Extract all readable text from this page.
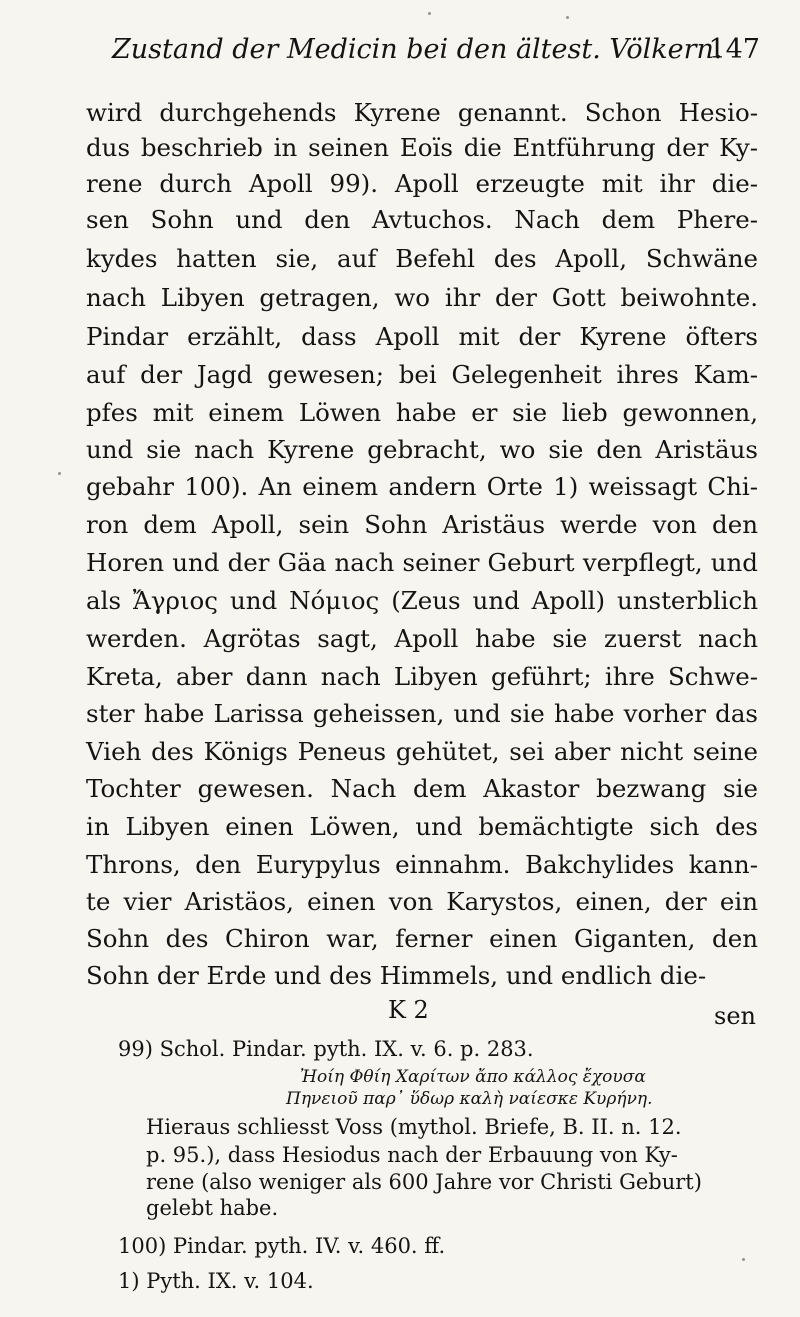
Zustand der Medicin bei den ältest. Völkern.
147
wird durchgehends Kyrene genannt. Schon Hesio-
dus beschrieb in seinen Eoïs die Entführung der Ky-
rene durch Apoll 99). Apoll erzeugte mit ihr die-
sen Sohn und den Avtuchos. Nach dem Phere-
kydes hatten sie, auf Befehl des Apoll, Schwäne
nach Libyen getragen, wo ihr der Gott beiwohnte.
Pindar erzählt, dass Apoll mit der Kyrene öfters
auf der Jagd gewesen; bei Gelegenheit ihres Kam-
pfes mit einem Löwen habe er sie lieb gewonnen,
und sie nach Kyrene gebracht, wo sie den Aristäus
gebahr 100). An einem andern Orte 1) weissagt Chi-
ron dem Apoll, sein Sohn Aristäus werde von den
Horen und der Gäa nach seiner Geburt verpflegt, und
als Ἄγριος und Νόμιος (Zeus und Apoll) unsterblich
werden. Agrötas sagt, Apoll habe sie zuerst nach
Kreta, aber dann nach Libyen geführt; ihre Schwe-
ster habe Larissa geheissen, und sie habe vorher das
Vieh des Königs Peneus gehütet, sei aber nicht seine
Tochter gewesen. Nach dem Akastor bezwang sie
in Libyen einen Löwen, und bemächtigte sich des
Throns, den Eurypylus einnahm. Bakchylides kann-
te vier Aristäos, einen von Karystos, einen, der ein
Sohn des Chiron war, ferner einen Giganten, den
Sohn der Erde und des Himmels, und endlich die-
K 2	sen
99) Schol. Pindar. pyth. IX. v. 6. p. 283.
Ἠοίη Φθίη Χαρίτων ἄπο κάλλος ἔχουσα
Πηνειοῦ παρ᾽ ὕδωρ καλὴ ναίεσκε Κυρήνη.
Hieraus schliesst Voss (mythol. Briefe, B. II. n. 12.
p. 95.), dass Hesiodus nach der Erbauung von Ky-
rene (also weniger als 600 Jahre vor Christi Geburt)
gelebt habe.
100) Pindar. pyth. IV. v. 460. ff.
1) Pyth. IX. v. 104.
